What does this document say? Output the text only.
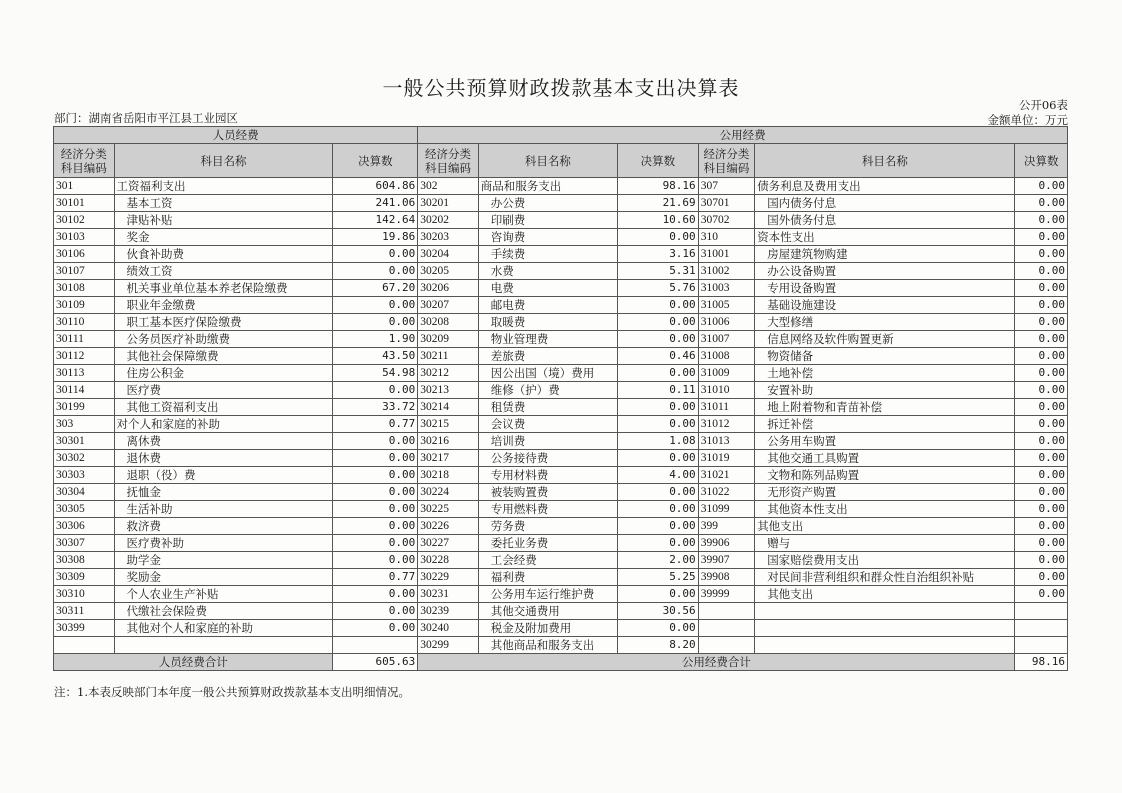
一般公共预算财政拨款基本支出决算表
部门：湖南省岳阳市平江县工业园区
公开06表
金额单位：万元
人员经费			公用经费					
经济分类科目编码	科目名称	决算数	经济分类科目编码	科目名称	决算数	经济分类科目编码	科目名称	决算数
301	工资福利支出	604.86	302	商品和服务支出	98.16	307	债务利息及费用支出	0.00
30101	基本工资	241.06	30201	办公费	21.69	30701	国内债务付息	0.00
30102	津贴补贴	142.64	30202	印刷费	10.60	30702	国外债务付息	0.00
30103	奖金	19.86	30203	咨询费	0.00	310	资本性支出	0.00
30106	伙食补助费	0.00	30204	手续费	3.16	31001	房屋建筑物购建	0.00
30107	绩效工资	0.00	30205	水费	5.31	31002	办公设备购置	0.00
30108	机关事业单位基本养老保险缴费	67.20	30206	电费	5.76	31003	专用设备购置	0.00
30109	职业年金缴费	0.00	30207	邮电费	0.00	31005	基础设施建设	0.00
30110	职工基本医疗保险缴费	0.00	30208	取暖费	0.00	31006	大型修缮	0.00
30111	公务员医疗补助缴费	1.90	30209	物业管理费	0.00	31007	信息网络及软件购置更新	0.00
30112	其他社会保障缴费	43.50	30211	差旅费	0.46	31008	物资储备	0.00
30113	住房公积金	54.98	30212	因公出国（境）费用	0.00	31009	土地补偿	0.00
30114	医疗费	0.00	30213	维修（护）费	0.11	31010	安置补助	0.00
30199	其他工资福利支出	33.72	30214	租赁费	0.00	31011	地上附着物和青苗补偿	0.00
303	对个人和家庭的补助	0.77	30215	会议费	0.00	31012	拆迁补偿	0.00
30301	离休费	0.00	30216	培训费	1.08	31013	公务用车购置	0.00
30302	退休费	0.00	30217	公务接待费	0.00	31019	其他交通工具购置	0.00
30303	退职（役）费	0.00	30218	专用材料费	4.00	31021	文物和陈列品购置	0.00
30304	抚恤金	0.00	30224	被装购置费	0.00	31022	无形资产购置	0.00
30305	生活补助	0.00	30225	专用燃料费	0.00	31099	其他资本性支出	0.00
30306	救济费	0.00	30226	劳务费	0.00	399	其他支出	0.00
30307	医疗费补助	0.00	30227	委托业务费	0.00	39906	赠与	0.00
30308	助学金	0.00	30228	工会经费	2.00	39907	国家赔偿费用支出	0.00
30309	奖励金	0.77	30229	福利费	5.25	39908	对民间非营利组织和群众性自治组织补贴	0.00
30310	个人农业生产补贴	0.00	30231	公务用车运行维护费	0.00	39999	其他支出	0.00
30311	代缴社会保险费	0.00	30239	其他交通费用	30.56			
30399	其他对个人和家庭的补助	0.00	30240	税金及附加费用	0.00			
			30299	其他商品和服务支出	8.20			
人员经费合计		605.63	公用经费合计					98.16
注：1.本表反映部门本年度一般公共预算财政拨款基本支出明细情况。
